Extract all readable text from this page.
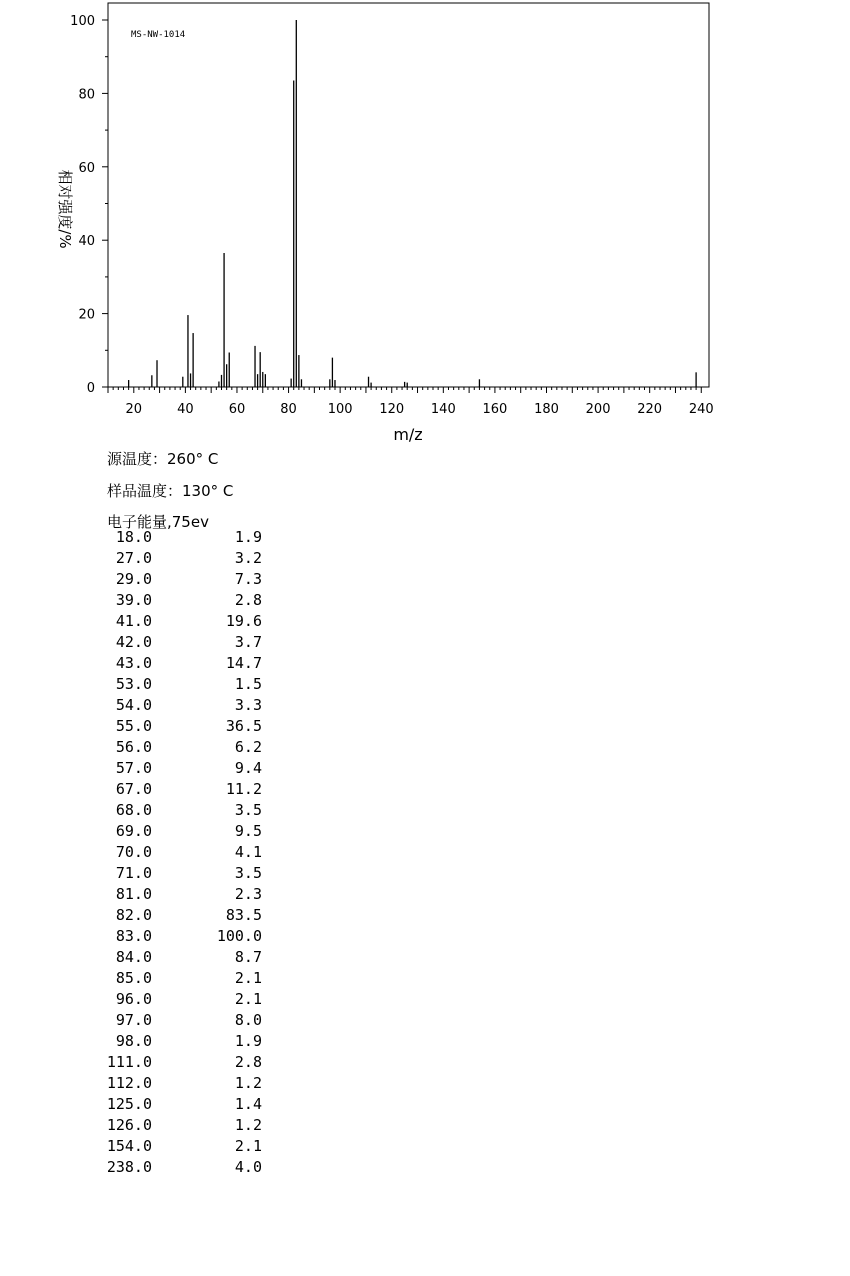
MS-NW-1014
0
20
40
60
80
100
20	40	60	80 100 120 140 160 180 200 220 240
m/z
相对强度/%
源温度：260° C
样品温度：130° C
电子能量,75ev
18.0	1.9
27.0	3.2
29.0	7.3
39.0	2.8
41.0	19.6
42.0	3.7
43.0	14.7
53.0	1.5
54.0	3.3
55.0	36.5
56.0	6.2
57.0	9.4
67.0	11.2
68.0	3.5
69.0	9.5
70.0	4.1
71.0	3.5
81.0	2.3
82.0	83.5
83.0	100.0
84.0	8.7
85.0	2.1
96.0	2.1
97.0	8.0
98.0	1.9
111.0	2.8
112.0	1.2
125.0	1.4
126.0	1.2
154.0	2.1
238.0	4.0
